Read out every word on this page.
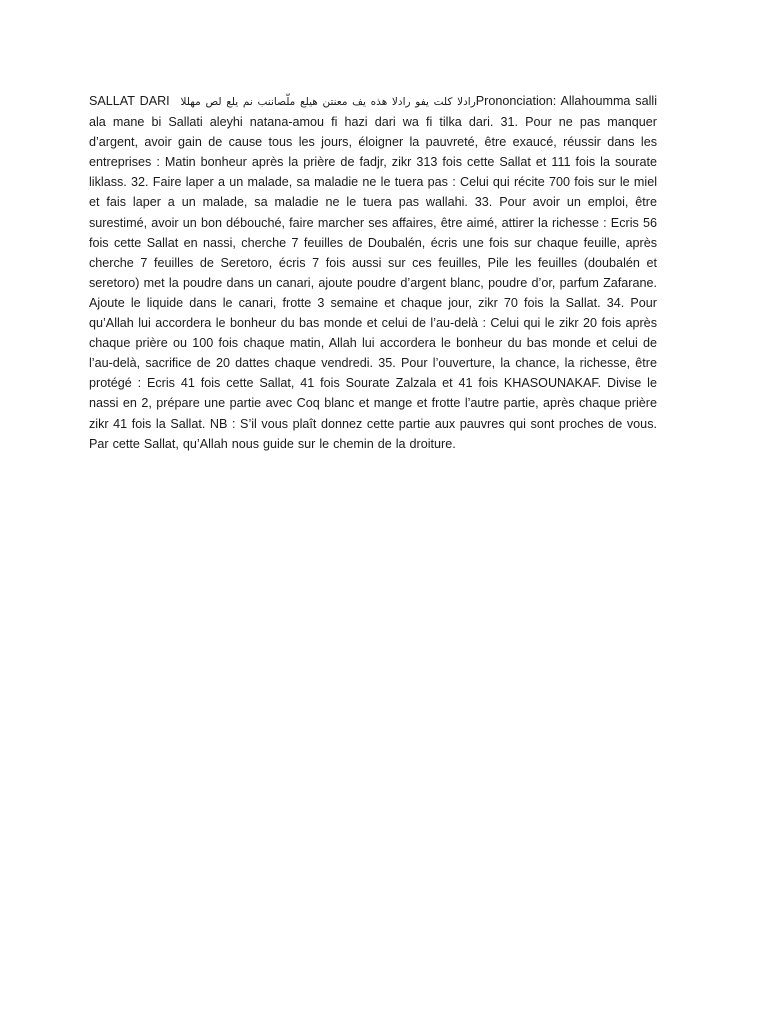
SALLAT DARI رادلا كلت يفو رادلا هذه يف معنتن هيلع ملّصاننب نم يلع لص مهللاPrononciation: Allahoumma salli ala mane bi Sallati aleyhi natana-amou fi hazi dari wa fi tilka dari. 31. Pour ne pas manquer d’argent, avoir gain de cause tous les jours, éloigner la pauvreté, être exaucé, réussir dans les entreprises : Matin bonheur après la prière de fadjr, zikr 313 fois cette Sallat et 111 fois la sourate liklass. 32. Faire laper a un malade, sa maladie ne le tuera pas : Celui qui récite 700 fois sur le miel et fais laper a un malade, sa maladie ne le tuera pas wallahi. 33. Pour avoir un emploi, être surestimé, avoir un bon débouché, faire marcher ses affaires, être aimé, attirer la richesse : Ecris 56 fois cette Sallat en nassi, cherche 7 feuilles de Doubalén, écris une fois sur chaque feuille, après cherche 7 feuilles de Seretoro, écris 7 fois aussi sur ces feuilles, Pile les feuilles (doubalén et seretoro) met la poudre dans un canari, ajoute poudre d’argent blanc, poudre d’or, parfum Zafarane. Ajoute le liquide dans le canari, frotte 3 semaine et chaque jour, zikr 70 fois la Sallat. 34. Pour qu’Allah lui accordera le bonheur du bas monde et celui de l’au-delà : Celui qui le zikr 20 fois après chaque prière ou 100 fois chaque matin, Allah lui accordera le bonheur du bas monde et celui de l’au-delà, sacrifice de 20 dattes chaque vendredi. 35. Pour l’ouverture, la chance, la richesse, être protégé : Ecris 41 fois cette Sallat, 41 fois Sourate Zalzala et 41 fois KHASOUNAKAF. Divise le nassi en 2, prépare une partie avec Coq blanc et mange et frotte l’autre partie, après chaque prière zikr 41 fois la Sallat. NB : S’il vous plaît donnez cette partie aux pauvres qui sont proches de vous. Par cette Sallat, qu’Allah nous guide sur le chemin de la droiture.
